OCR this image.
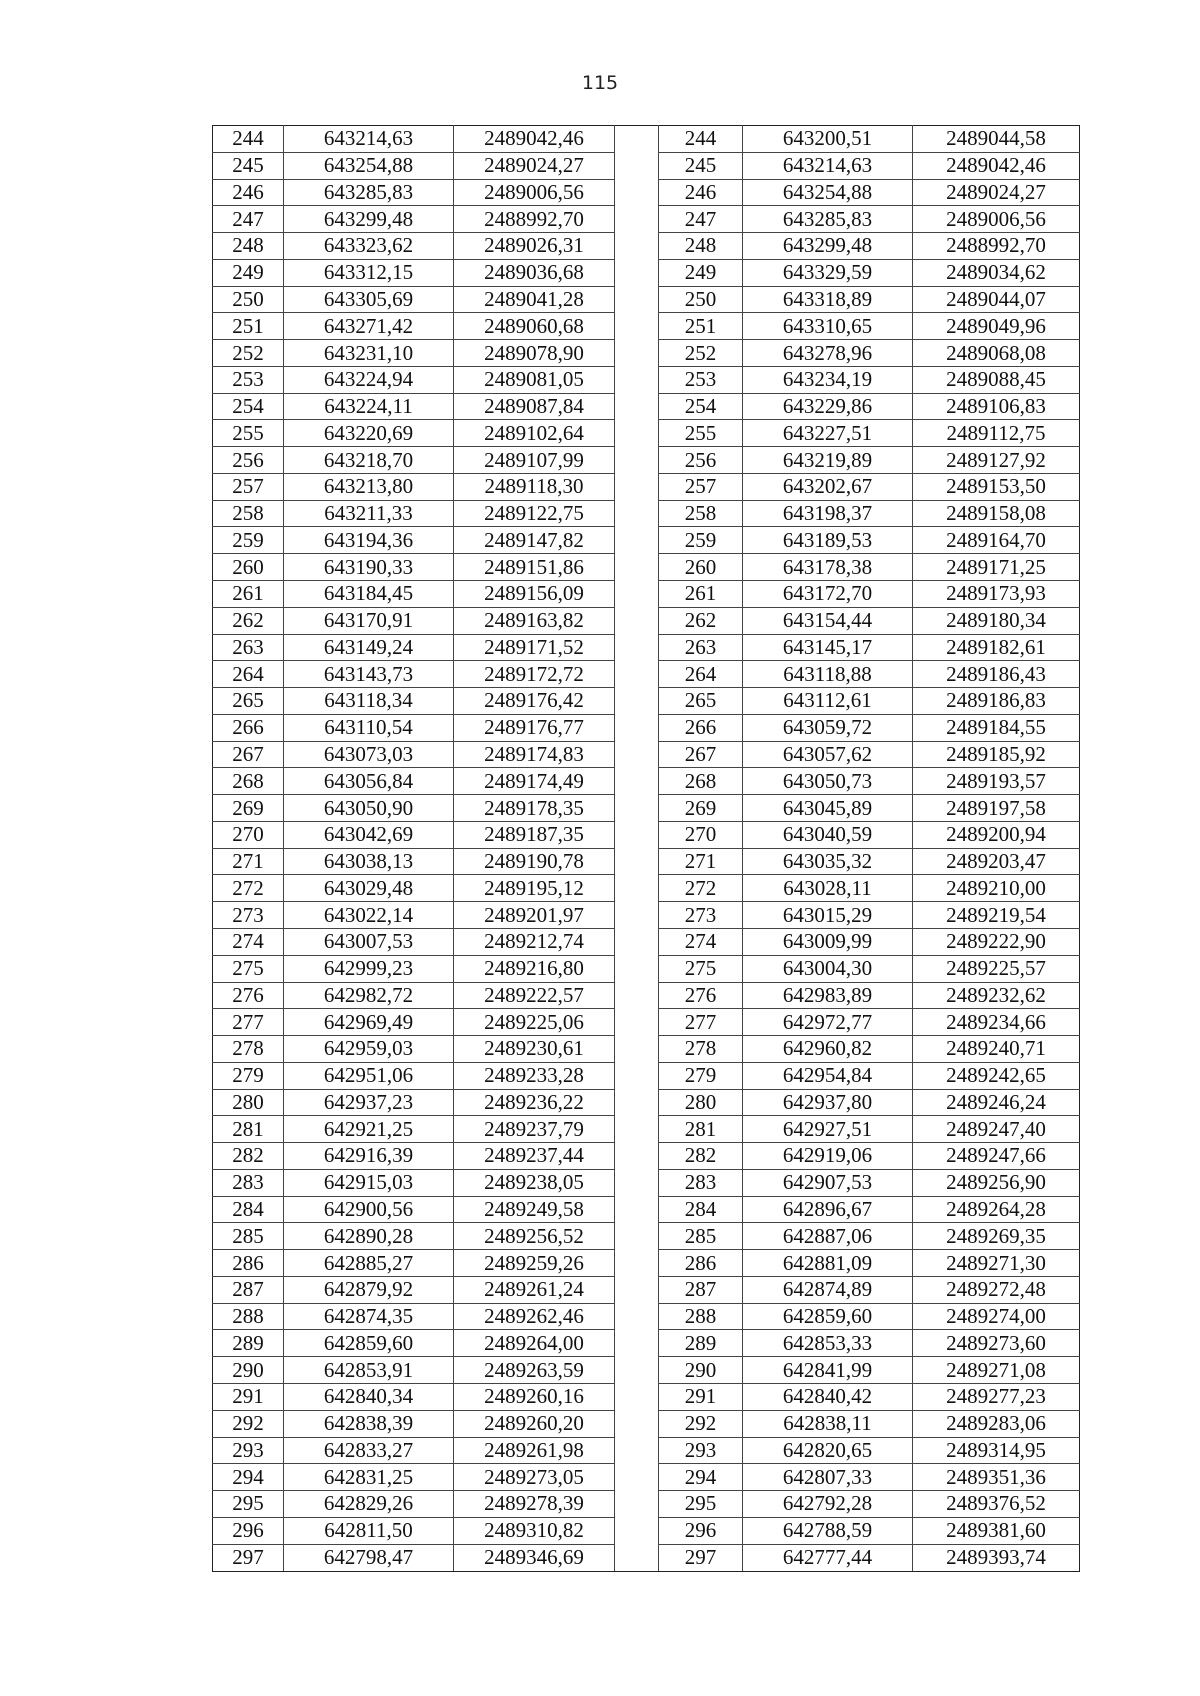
115
244	643214,63	2489042,46		244	643200,51	2489044,58
245	643254,88	2489024,27		245	643214,63	2489042,46
246	643285,83	2489006,56		246	643254,88	2489024,27
247	643299,48	2488992,70		247	643285,83	2489006,56
248	643323,62	2489026,31		248	643299,48	2488992,70
249	643312,15	2489036,68		249	643329,59	2489034,62
250	643305,69	2489041,28		250	643318,89	2489044,07
251	643271,42	2489060,68		251	643310,65	2489049,96
252	643231,10	2489078,90		252	643278,96	2489068,08
253	643224,94	2489081,05		253	643234,19	2489088,45
254	643224,11	2489087,84		254	643229,86	2489106,83
255	643220,69	2489102,64		255	643227,51	2489112,75
256	643218,70	2489107,99		256	643219,89	2489127,92
257	643213,80	2489118,30		257	643202,67	2489153,50
258	643211,33	2489122,75		258	643198,37	2489158,08
259	643194,36	2489147,82		259	643189,53	2489164,70
260	643190,33	2489151,86		260	643178,38	2489171,25
261	643184,45	2489156,09		261	643172,70	2489173,93
262	643170,91	2489163,82		262	643154,44	2489180,34
263	643149,24	2489171,52		263	643145,17	2489182,61
264	643143,73	2489172,72		264	643118,88	2489186,43
265	643118,34	2489176,42		265	643112,61	2489186,83
266	643110,54	2489176,77		266	643059,72	2489184,55
267	643073,03	2489174,83		267	643057,62	2489185,92
268	643056,84	2489174,49		268	643050,73	2489193,57
269	643050,90	2489178,35		269	643045,89	2489197,58
270	643042,69	2489187,35		270	643040,59	2489200,94
271	643038,13	2489190,78		271	643035,32	2489203,47
272	643029,48	2489195,12		272	643028,11	2489210,00
273	643022,14	2489201,97		273	643015,29	2489219,54
274	643007,53	2489212,74		274	643009,99	2489222,90
275	642999,23	2489216,80		275	643004,30	2489225,57
276	642982,72	2489222,57		276	642983,89	2489232,62
277	642969,49	2489225,06		277	642972,77	2489234,66
278	642959,03	2489230,61		278	642960,82	2489240,71
279	642951,06	2489233,28		279	642954,84	2489242,65
280	642937,23	2489236,22		280	642937,80	2489246,24
281	642921,25	2489237,79		281	642927,51	2489247,40
282	642916,39	2489237,44		282	642919,06	2489247,66
283	642915,03	2489238,05		283	642907,53	2489256,90
284	642900,56	2489249,58		284	642896,67	2489264,28
285	642890,28	2489256,52		285	642887,06	2489269,35
286	642885,27	2489259,26		286	642881,09	2489271,30
287	642879,92	2489261,24		287	642874,89	2489272,48
288	642874,35	2489262,46		288	642859,60	2489274,00
289	642859,60	2489264,00		289	642853,33	2489273,60
290	642853,91	2489263,59		290	642841,99	2489271,08
291	642840,34	2489260,16		291	642840,42	2489277,23
292	642838,39	2489260,20		292	642838,11	2489283,06
293	642833,27	2489261,98		293	642820,65	2489314,95
294	642831,25	2489273,05		294	642807,33	2489351,36
295	642829,26	2489278,39		295	642792,28	2489376,52
296	642811,50	2489310,82		296	642788,59	2489381,60
297	642798,47	2489346,69		297	642777,44	2489393,74
